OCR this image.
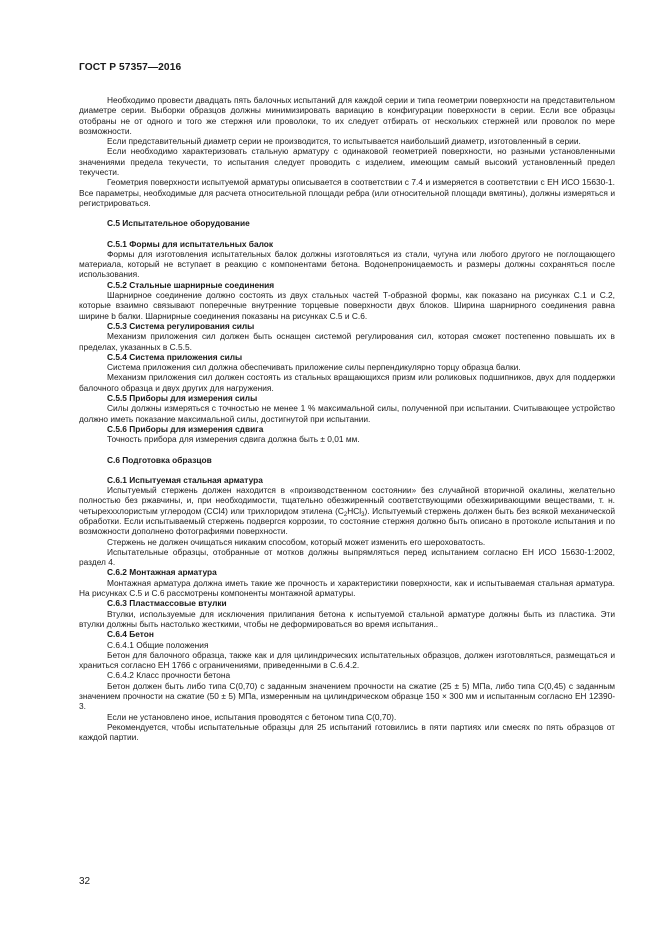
ГОСТ Р 57357—2016

Необходимо провести двадцать пять балочных испытаний для каждой серии и типа геометрии поверхности на представительном диаметре серии. Выборки образцов должны минимизировать вариацию в конфигурации поверхности в серии. Если все образцы отобраны не от одного и того же стержня или проволоки, то их следует отбирать от нескольких стержней или проволок по мере возможности.

Если представительный диаметр серии не производится, то испытывается наибольший диаметр, изготовленный в серии.

Если необходимо характеризовать стальную арматуру с одинаковой геометрией поверхности, но разными установленными значениями предела текучести, то испытания следует проводить с изделием, имеющим самый высокий установленный предел текучести.

Геометрия поверхности испытуемой арматуры описывается в соответствии с 7.4 и измеряется в соответствии с ЕН ИСО 15630-1. Все параметры, необходимые для расчета относительной площади ребра (или относительной площади вмятины), должны измеряться и регистрироваться.

С.5 Испытательное оборудование
С.5.1 Формы для испытательных балок

Формы для изготовления испытательных балок должны изготовляться из стали, чугуна или любого другого не поглощающего материала, который не вступает в реакцию с компонентами бетона. Водонепроницаемость и размеры должны сохраняться после использования.

С.5.2 Стальные шарнирные соединения

Шарнирное соединение должно состоять из двух стальных частей Т-образной формы, как показано на рисунках С.1 и С.2, которые взаимно связывают поперечные внутренние торцевые поверхности двух блоков. Ширина шарнирного соединения равна ширине b балки. Шарнирные соединения показаны на рисунках С.5 и С.6.

С.5.3 Система регулирования силы

Механизм приложения сил должен быть оснащен системой регулирования сил, которая сможет постепенно повышать их в пределах, указанных в С.5.5.

С.5.4 Система приложения силы

Система приложения сил должна обеспечивать приложение силы перпендикулярно торцу образца балки.

Механизм приложения сил должен состоять из стальных вращающихся призм или роликовых подшипников, двух для поддержки балочного образца и двух других для нагружения.

С.5.5 Приборы для измерения силы

Силы должны измеряться с точностью не менее 1 % максимальной силы, полученной при испытании. Считывающее устройство должно иметь показание максимальной силы, достигнутой при испытании.

С.5.6 Приборы для измерения сдвига

Точность прибора для измерения сдвига должна быть ± 0,01 мм.

С.6 Подготовка образцов
С.6.1 Испытуемая стальная арматура

Испытуемый стержень должен находится в «производственном состоянии» без случайной вторичной окалины, желательно полностью без ржавчины, и, при необходимости, тщательно обезжиренный соответствующими обезжиривающими веществами, т. н. четырехххлористым углеродом (CCl4) или трихлоридом этилена $(C_2HCl_3)$. Испытуемый стержень должен быть без всякой механической обработки. Если испытываемый стержень подвергся коррозии, то состояние стержня должно быть описано в протоколе испытания и по возможности дополнено фотографиями поверхности.

Стержень не должен очищаться никаким способом, который может изменить его шероховатость.

Испытательные образцы, отобранные от мотков должны выпрямляться перед испытанием согласно ЕН ИСО 15630-1:2002, раздел 4.

С.6.2 Монтажная арматура

Монтажная арматура должна иметь такие же прочность и характеристики поверхности, как и испытываемая стальная арматура. На рисунках С.5 и С.6 рассмотрены компоненты монтажной арматуры.

С.6.3 Пластмассовые втулки

Втулки, используемые для исключения прилипания бетона к испытуемой стальной арматуре должны быть из пластика. Эти втулки должны быть настолько жесткими, чтобы не деформироваться во время испытания..

С.6.4 Бетон
С.6.4.1 Общие положения

Бетон для балочного образца, также как и для цилиндрических испытательных образцов, должен изготовляться, размещаться и храниться согласно ЕН 1766 с ограничениями, приведенными в С.6.4.2.

С.6.4.2 Класс прочности бетона

Бетон должен быть либо типа С(0,70) с заданным значением прочности на сжатие (25 ± 5) МПа, либо типа С(0,45) с заданным значением прочности на сжатие (50 ± 5) МПа, измеренным на цилиндрическом образце 150 × 300 мм и испытанным согласно ЕН 12390-3.

Если не установлено иное, испытания проводятся с бетоном типа С(0,70).

Рекомендуется, чтобы испытательные образцы для 25 испытаний готовились в пяти партиях или смесях по пять образцов от каждой партии.

32
